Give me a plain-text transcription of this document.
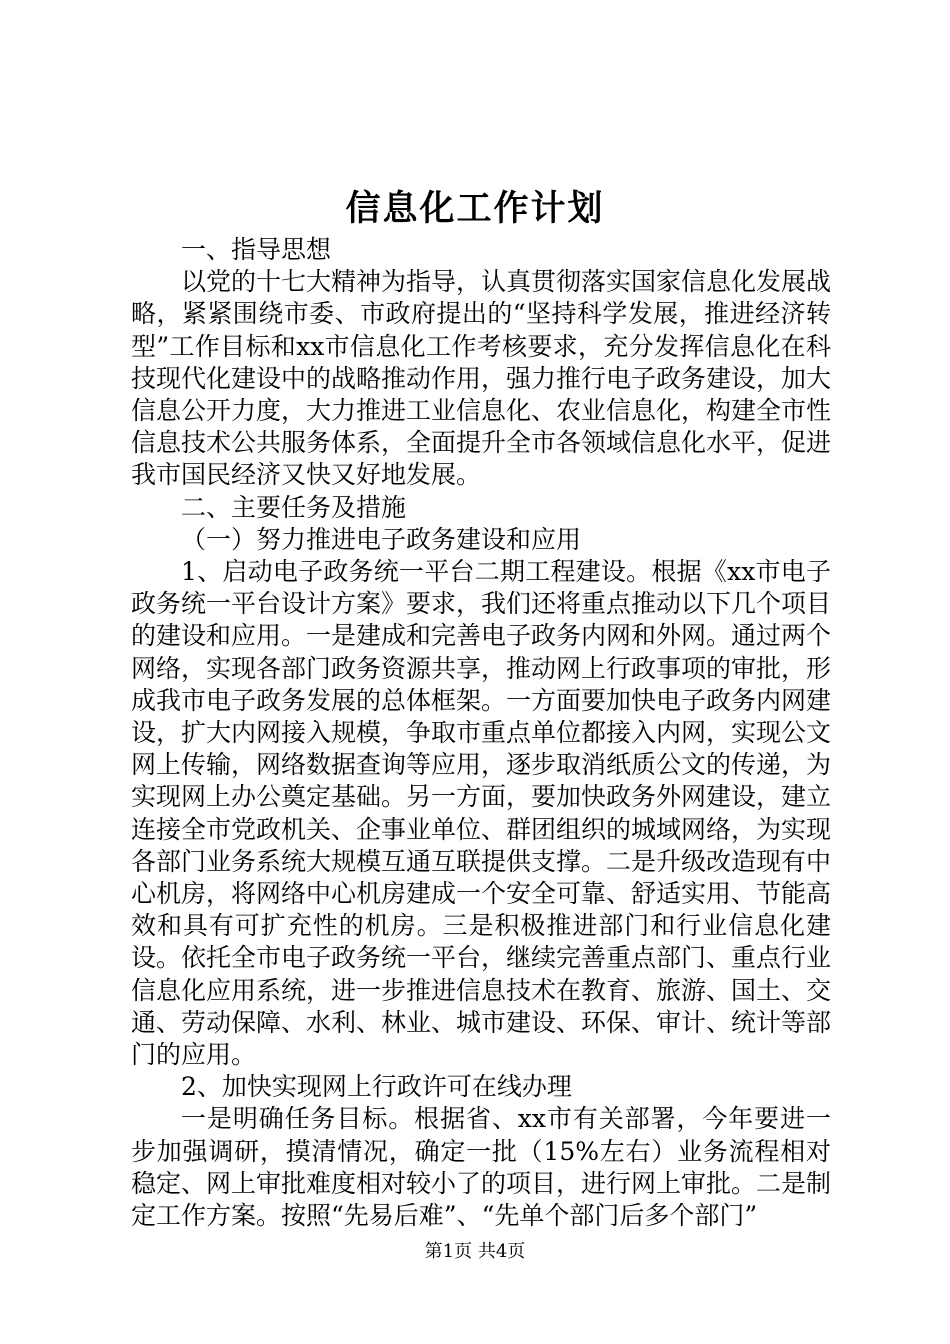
信息化工作计划

一、指导思想

以党的十七大精神为指导，认真贯彻落实国家信息化发展战略，紧紧围绕市委、市政府提出的“坚持科学发展，推进经济转型”工作目标和xx市信息化工作考核要求，充分发挥信息化在科技现代化建设中的战略推动作用，强力推行电子政务建设，加大信息公开力度，大力推进工业信息化、农业信息化，构建全市性信息技术公共服务体系，全面提升全市各领域信息化水平，促进我市国民经济又快又好地发展。

二、主要任务及措施

（一）努力推进电子政务建设和应用

1、启动电子政务统一平台二期工程建设。根据《xx市电子政务统一平台设计方案》要求，我们还将重点推动以下几个项目的建设和应用。一是建成和完善电子政务内网和外网。通过两个网络，实现各部门政务资源共享，推动网上行政事项的审批，形成我市电子政务发展的总体框架。一方面要加快电子政务内网建设，扩大内网接入规模，争取市重点单位都接入内网，实现公文网上传输，网络数据查询等应用，逐步取消纸质公文的传递，为实现网上办公奠定基础。另一方面，要加快政务外网建设，建立连接全市党政机关、企事业单位、群团组织的城域网络，为实现各部门业务系统大规模互通互联提供支撑。二是升级改造现有中心机房，将网络中心机房建成一个安全可靠、舒适实用、节能高效和具有可扩充性的机房。三是积极推进部门和行业信息化建设。依托全市电子政务统一平台，继续完善重点部门、重点行业信息化应用系统，进一步推进信息技术在教育、旅游、国土、交通、劳动保障、水利、林业、城市建设、环保、审计、统计等部门的应用。

2、加快实现网上行政许可在线办理

一是明确任务目标。根据省、xx市有关部署，今年要进一步加强调研，摸清情况，确定一批（15%左右）业务流程相对稳定、网上审批难度相对较小了的项目，进行网上审批。二是制定工作方案。按照“先易后难”、“先单个部门后多个部门”

第1页 共4页
